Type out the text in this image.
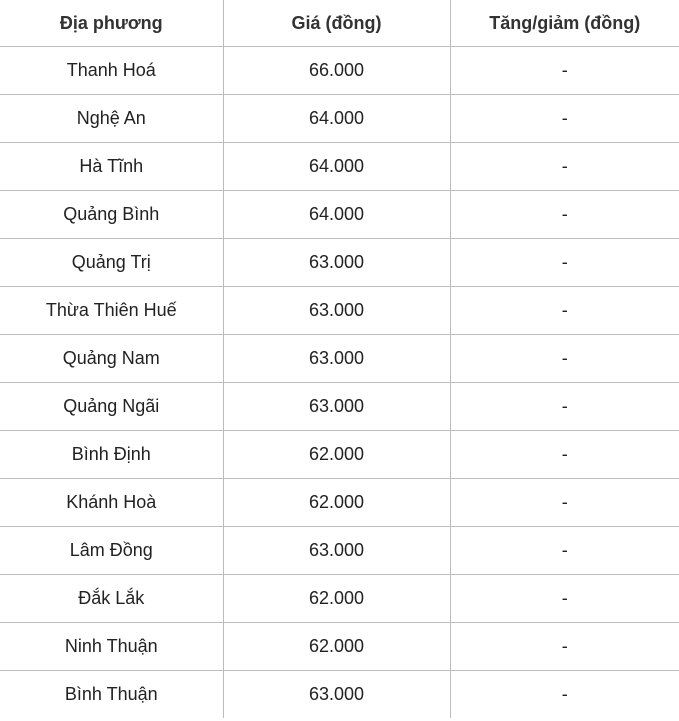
Địa phương	Giá (đồng)	Tăng/giảm (đồng)
Thanh Hoá	66.000	-
Nghệ An	64.000	-
Hà Tĩnh	64.000	-
Quảng Bình	64.000	-
Quảng Trị	63.000	-
Thừa Thiên Huế	63.000	-
Quảng Nam	63.000	-
Quảng Ngãi	63.000	-
Bình Định	62.000	-
Khánh Hoà	62.000	-
Lâm Đồng	63.000	-
Đắk Lắk	62.000	-
Ninh Thuận	62.000	-
Bình Thuận	63.000	-
